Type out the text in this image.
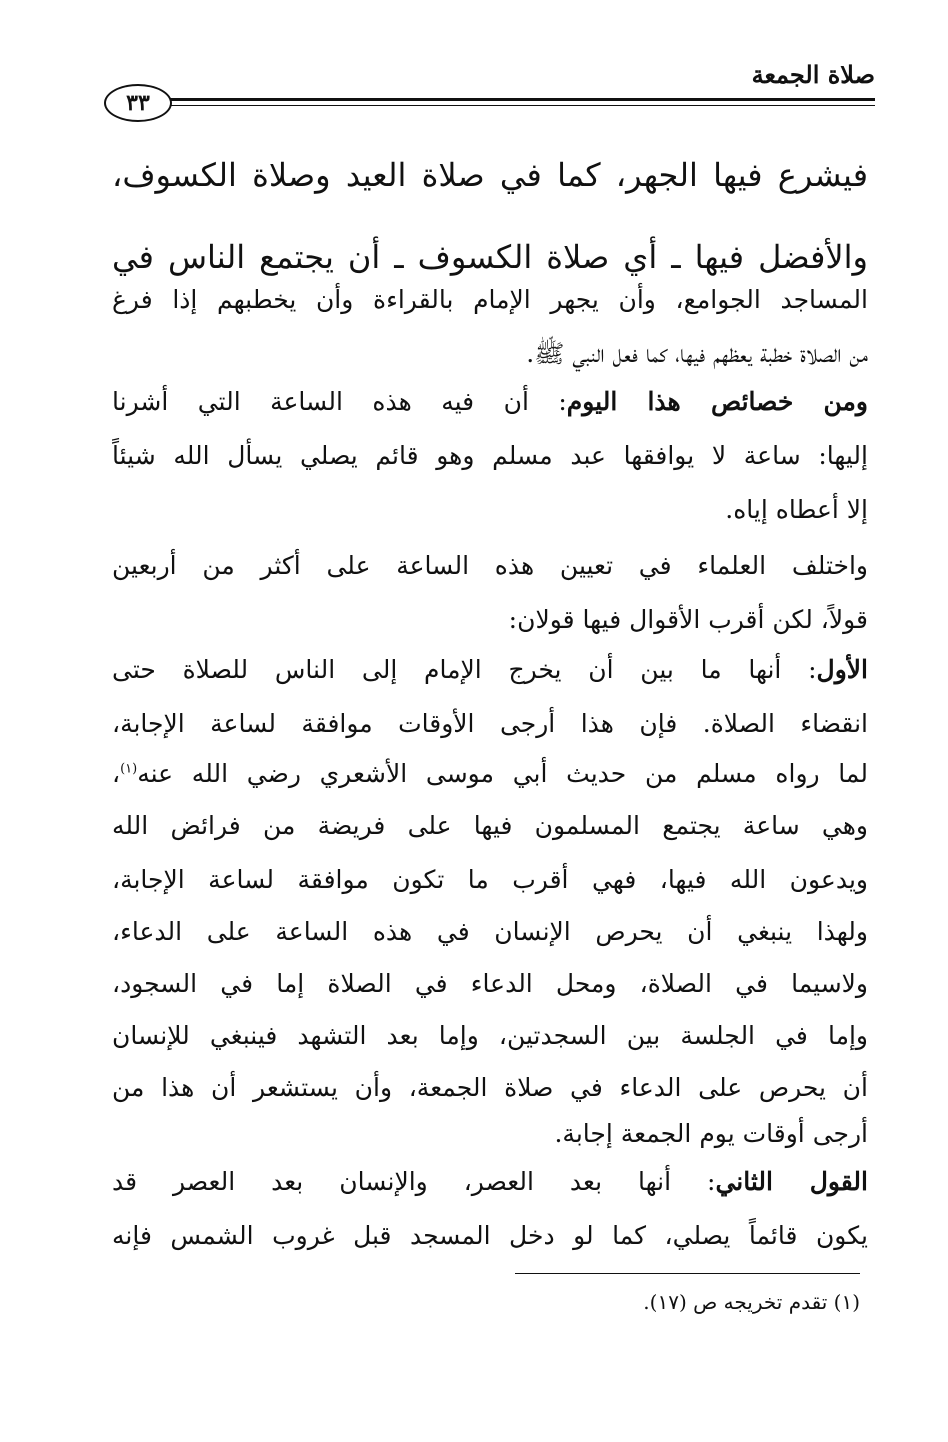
صلاة الجمعة
٣٣
فيشرع فيها الجهر، كما في صلاة العيد وصلاة الكسوف،
والأفضل فيها ـ أي صلاة الكسوف ـ أن يجتمع الناس في
المساجد الجوامع، وأن يجهر الإمام بالقراءة وأن يخطبهم إذا فرغ
من الصلاة خطبة يعظهم فيها، كما فعل النبي ﷺ.
ومن خصائص هذا اليوم: أن فيه هذه الساعة التي أشرنا
إليها: ساعة لا يوافقها عبد مسلم وهو قائم يصلي يسأل الله شيئاً
إلا أعطاه إياه.
واختلف العلماء في تعيين هذه الساعة على أكثر من أربعين
قولاً، لكن أقرب الأقوال فيها قولان:
الأول: أنها ما بين أن يخرج الإمام إلى الناس للصلاة حتى
انقضاء الصلاة. فإن هذا أرجى الأوقات موافقة لساعة الإجابة،
لما رواه مسلم من حديث أبي موسى الأشعري رضي الله عنه$^{(١)}$،
وهي ساعة يجتمع المسلمون فيها على فريضة من فرائض الله
ويدعون الله فيها، فهي أقرب ما تكون موافقة لساعة الإجابة،
ولهذا ينبغي أن يحرص الإنسان في هذه الساعة على الدعاء،
ولاسيما في الصلاة، ومحل الدعاء في الصلاة إما في السجود،
وإما في الجلسة بين السجدتين، وإما بعد التشهد فينبغي للإنسان
أن يحرص على الدعاء في صلاة الجمعة، وأن يستشعر أن هذا من
أرجى أوقات يوم الجمعة إجابة.
القول الثاني: أنها بعد العصر، والإنسان بعد العصر قد
يكون قائماً يصلي، كما لو دخل المسجد قبل غروب الشمس فإنه
(١) تقدم تخريجه ص (١٧).
